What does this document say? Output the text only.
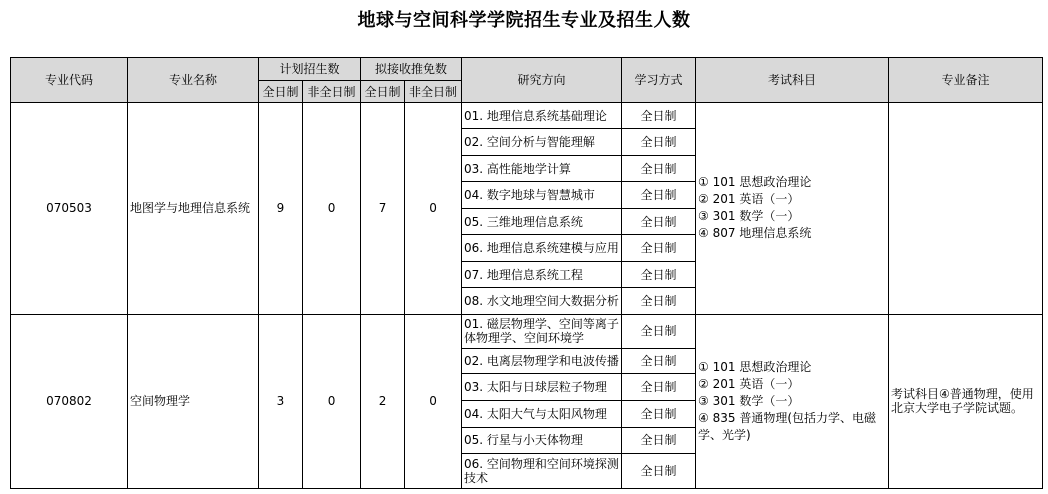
地球与空间科学学院招生专业及招生人数
专业代码	专业名称	计划招生数		拟接收推免数		研究方向	学习方式	考试科目	专业备注
		全日制	非全日制	全日制	非全日制				
070503	地图学与地理信息系统	9	0	7	0	01. 地理信息系统基础理论	全日制	① 101 思想政治理论
② 201 英语（一）
③ 301 数学（一）
④ 807 地理信息系统	

						02. 空间分析与智能理解	全日制		
						03. 高性能地学计算	全日制		
						04. 数字地球与智慧城市	全日制		
						05. 三维地理信息系统	全日制		
						06. 地理信息系统建模与应用	全日制		
						07. 地理信息系统工程	全日制		
						08. 水文地理空间大数据分析	全日制		
070802	空间物理学	3	0	2	0	01. 磁层物理学、空间等离子体物理学、空间环境学	全日制	① 101 思想政治理论
② 201 英语（一）
③ 301 数学（一）
④ 835 普通物理(包括力学、电磁学、光学)	考试科目④普通物理，使用北京大学电子学院试题。
						02. 电离层物理学和电波传播	全日制		
						03. 太阳与日球层粒子物理	全日制		
						04. 太阳大气与太阳风物理	全日制		
						05. 行星与小天体物理	全日制		
						06. 空间物理和空间环境探测技术	全日制		
